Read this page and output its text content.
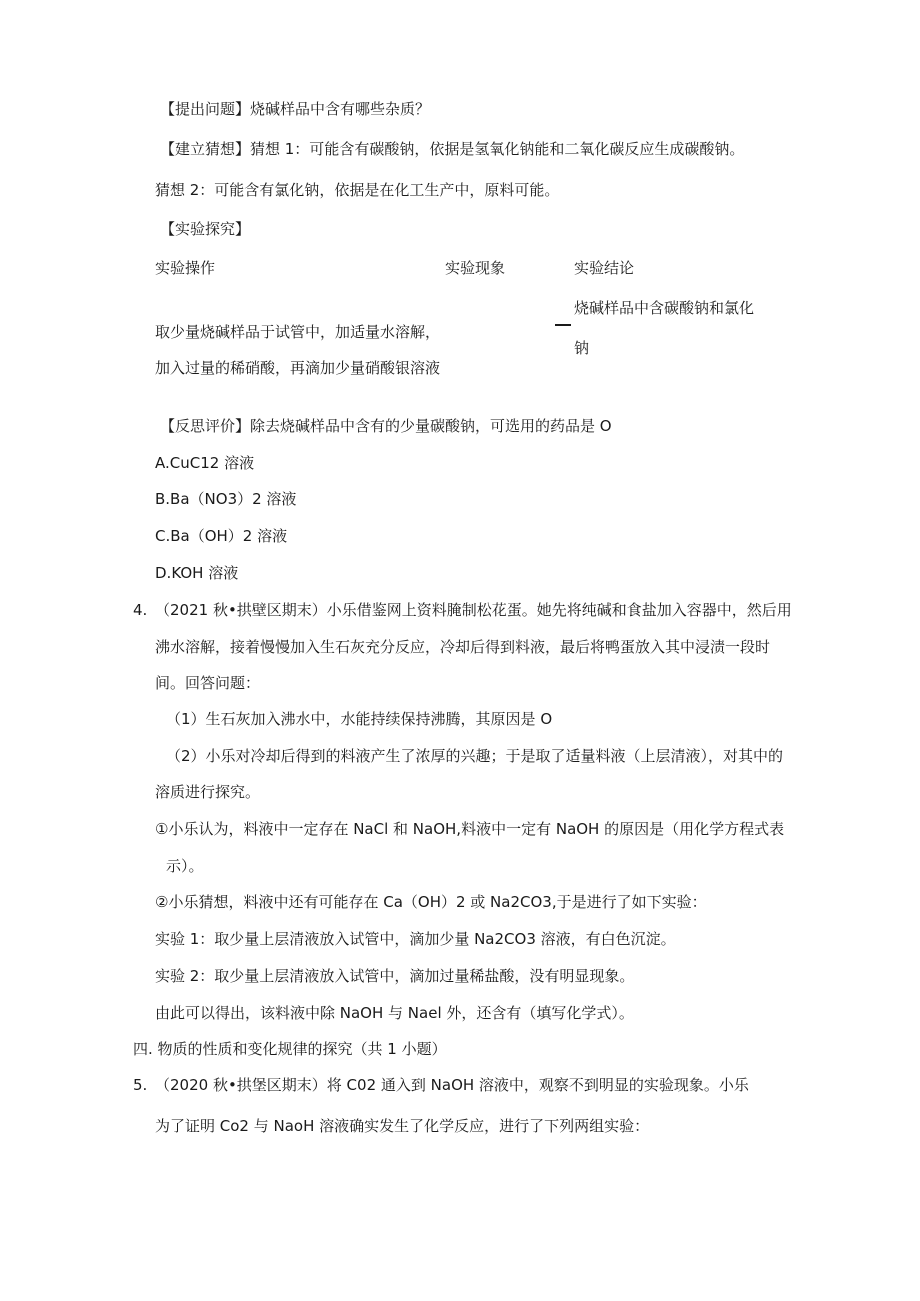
【提出问题】烧碱样品中含有哪些杂质？
【建立猜想】猜想 1：可能含有碳酸钠，依据是氢氧化钠能和二氧化碳反应生成碳酸钠。
猜想 2：可能含有氯化钠，依据是在化工生产中，原料可能。
【实验探究】
实验操作	实验现象	实验结论
烧碱样品中含碳酸钠和氯化
取少量烧碱样品于试管中，加适量水溶解，
钠
加入过量的稀硝酸，再滴加少量硝酸银溶液
【反思评价】除去烧碱样品中含有的少量碳酸钠，可选用的药品是 O
A.CuC12 溶液
B.Ba（NO3）2 溶液
C.Ba（OH）2 溶液
D.KOH 溶液
4. （2021 秋•拱壁区期末）小乐借鉴网上资料腌制松花蛋。她先将纯碱和食盐加入容器中，然后用
沸水溶解，接着慢慢加入生石灰充分反应，冷却后得到料液，最后将鸭蛋放入其中浸渍一段时
间。回答问题：
（1）生石灰加入沸水中，水能持续保持沸腾，其原因是 O
（2）小乐对冷却后得到的料液产生了浓厚的兴趣；于是取了适量料液（上层清液），对其中的
溶质进行探究。
①小乐认为，料液中一定存在 NaCl 和 NaOH,料液中一定有 NaOH 的原因是（用化学方程式表
示）。
②小乐猜想，料液中还有可能存在 Ca（OH）2 或 Na2CO3,于是进行了如下实验：
实验 1：取少量上层清液放入试管中，滴加少量 Na2CO3 溶液，有白色沉淀。
实验 2：取少量上层清液放入试管中，滴加过量稀盐酸，没有明显现象。
由此可以得出，该料液中除 NaOH 与 Nael 外，还含有（填写化学式）。
四. 物质的性质和变化规律的探究（共 1 小题）
5. （2020 秋•拱堡区期末）将 C02 通入到 NaOH 溶液中，观察不到明显的实验现象。小乐
为了证明 Co2 与 NaoH 溶液确实发生了化学反应，进行了下列两组实验：
